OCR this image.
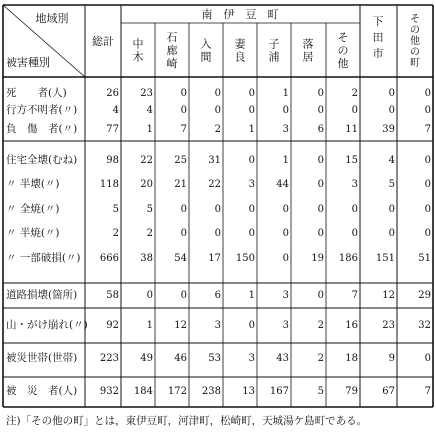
地域別
被害種別
総計
南　伊　豆　町
中木
石廊崎
入間
妻良
子浦
落居
その他
下田市
その他の町
死　　者(人)	26 23	0	0	0	1	0	2	0	0
行方不明者(〃)	4	4	0	0	0	0	0	0	0	0
負　傷　者(〃)	77	1	7	2	1	3	6 11 39	7
住宅全壊(むね)	98 22 25 31	0	1	0 15	4	0
〃 半壊(〃)	118 20 21 22	3 44	0	3	5	0
〃 全焼(〃)	5	5	0	0	0	0	0	0	0	0
〃 半焼(〃)	2	2	0	0	0	0	0	0	0	0
〃 一部破損(〃) 666 38 54 17 150	0 19 186 151 51
道路損壊(箇所)	58	0	0	6	1	3	0	7 12 29
山・がけ崩れ(〃) 92	1 12	3	0	3	2 16 23 32
被災世帯(世帯) 223 49 46 53	3 43	2 18	9	0
被　災　者(人) 932 184 172 238 13 167	5 79 67	7
注)「その他の町」とは，東伊豆町，河津町，松崎町，天城湯ケ島町である。
